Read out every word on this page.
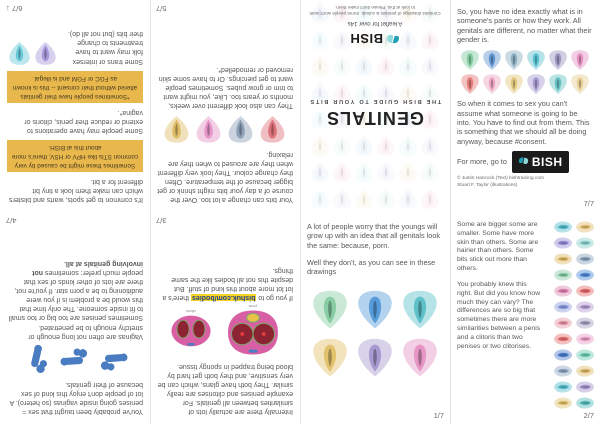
It's common to get spots, warts and blisters which can make them look a tiny bit different for a bit.

Sometimes these might be caused by very common STIs like HPV or HSV, there's more about this at BISH.

Some people may have operations to extend or reduce their penis, clitoris or vagina*.

*Sometimes people have their genitals altered without their consent -- this is known as FGC or FGM and is illegal.

Some trans or intersex folk may want to have treatments to change their bits (but not all do).

6/7
↓

Your bits can change a lot too. Over the course of a day your bits might shrink or get bigger because of the temperature. Often they change colour. They look very different when they are aroused to when they are relaxing.

They can also look different over weeks, months or years too. Like, you might want to trim or grow pubes. Sometimes people want to get piercings. Or to have some skin removed or remodelled*.

5/7
GENITALS
THE BISH GUIDE TO YOUR BITS
BISH
A leaflet for over 14s
Contains drawings of penises & vulvas. Some people won't want to look at this. Please don't make them.	So, you have no idea exactly what is in someone's pants or how they work. All genitals are different, no matter what their gender is.

So when it comes to sex you can't assume what someone is going to be into. You have to find out from them. This is something that we should all be doing anyway, because #consent.

For more, go to BISH
© Justin Hancock (Text) bishtraining.com
Stuart F. Taylor (illustrations)
7/7

You've probably been taught that sex = penises going inside vaginas (so hetero). A lot of people don't enjoy this kind of sex because of their genitals.

Vaginas are often not long enough or stretchy enough to be penetrated. Sometimes penises are too big or too small to fit inside someone. The only time that this would be a problem is if you were auditioning to be a porn star. If you're not, there are lots of other kinds of sex that people much prefer: sometimes not involving genitals at all.

4/7

Internally there are actually lots of similarities between all genitals. For example penises and clitorises are really similar. They both have glans, which can be very sensitive, and they both get hard by blood being trapped in spongy tissue.

penis
clitoris

If you go to bishuk.com/bodies there's a lot lot more about this kind of stuff. But despite this not all bodies like the same things.

3/7

A lot of people worry that the youngs will grow up with an idea that all genitals look the same: because, porn.

Well they don't, as you can see in these drawings

1/7

Some are bigger some are smaller. Some have more skin than others. Some are hairier than others. Some bits stick out more than others.

You probably knew this right. But did you know how much they can vary? The differences are so big that sometimes there are more similarities between a penis and a clitoris than two penises or two clitorises.

2/7
